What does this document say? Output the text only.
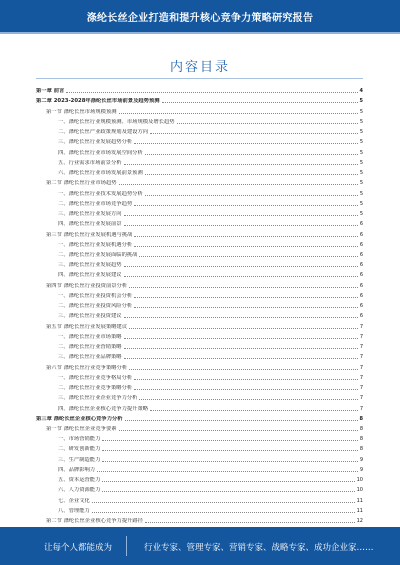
涤纶长丝企业打造和提升核心竞争力策略研究报告
内容目录
第一章 前言	4
第二章 2023-2028年涤纶长丝市场前景及趋势预测	5
第一节 涤纶长丝市场规模预测	5
一、涤纶长丝行业规模预测、市场规模及增长趋势	5
二、涤纶长丝产业政策规划及建设方向	5
三、涤纶长丝行业发展趋势分析	5
四、涤纶长丝行业市场发展空间分析	5
五、行业需求市场前景分析	5
六、涤纶长丝行业市场发展前景预测	5
第二节 涤纶长丝行业市场趋势	5
一、涤纶长丝行业技术发展趋势分析	5
二、涤纶长丝行业市场竞争趋势	5
三、涤纶长丝行业发展方向	5
四、涤纶长丝行业发展前景	6
第三节 涤纶长丝行业发展机遇与挑战	6
一、涤纶长丝行业发展机遇分析	6
二、涤纶长丝行业发展面临的挑战	6
三、涤纶长丝行业发展趋势	6
四、涤纶长丝行业发展建议	6
第四节 涤纶长丝行业投资前景分析	6
一、涤纶长丝行业投资机会分析	6
二、涤纶长丝行业投资风险分析	6
三、涤纶长丝行业投资建议	6
第五节 涤纶长丝行业发展策略建议	7
一、涤纶长丝行业市场策略	7
二、涤纶长丝行业营销策略	7
三、涤纶长丝行业品牌策略	7
第六节 涤纶长丝行业竞争策略分析	7
一、涤纶长丝行业竞争格局分析	7
二、涤纶长丝行业竞争策略分析	7
三、涤纶长丝行业企业竞争力分析	7
四、涤纶长丝企业核心竞争力提升策略	7
第三章 涤纶长丝企业核心竞争力分析	8
第一节 涤纶长丝企业竞争要素	8
一、市场营销能力	8
二、研发创新能力	8
三、生产制造能力	9
四、品牌影响力	9
五、资本运营能力	10
六、人力资源能力	10
七、企业文化	11
八、管理能力	11
第二节 涤纶长丝企业核心竞争力提升路径	12
让每个人都能成为	行业专家、管理专家、营销专家、战略专家、成功企业家……
